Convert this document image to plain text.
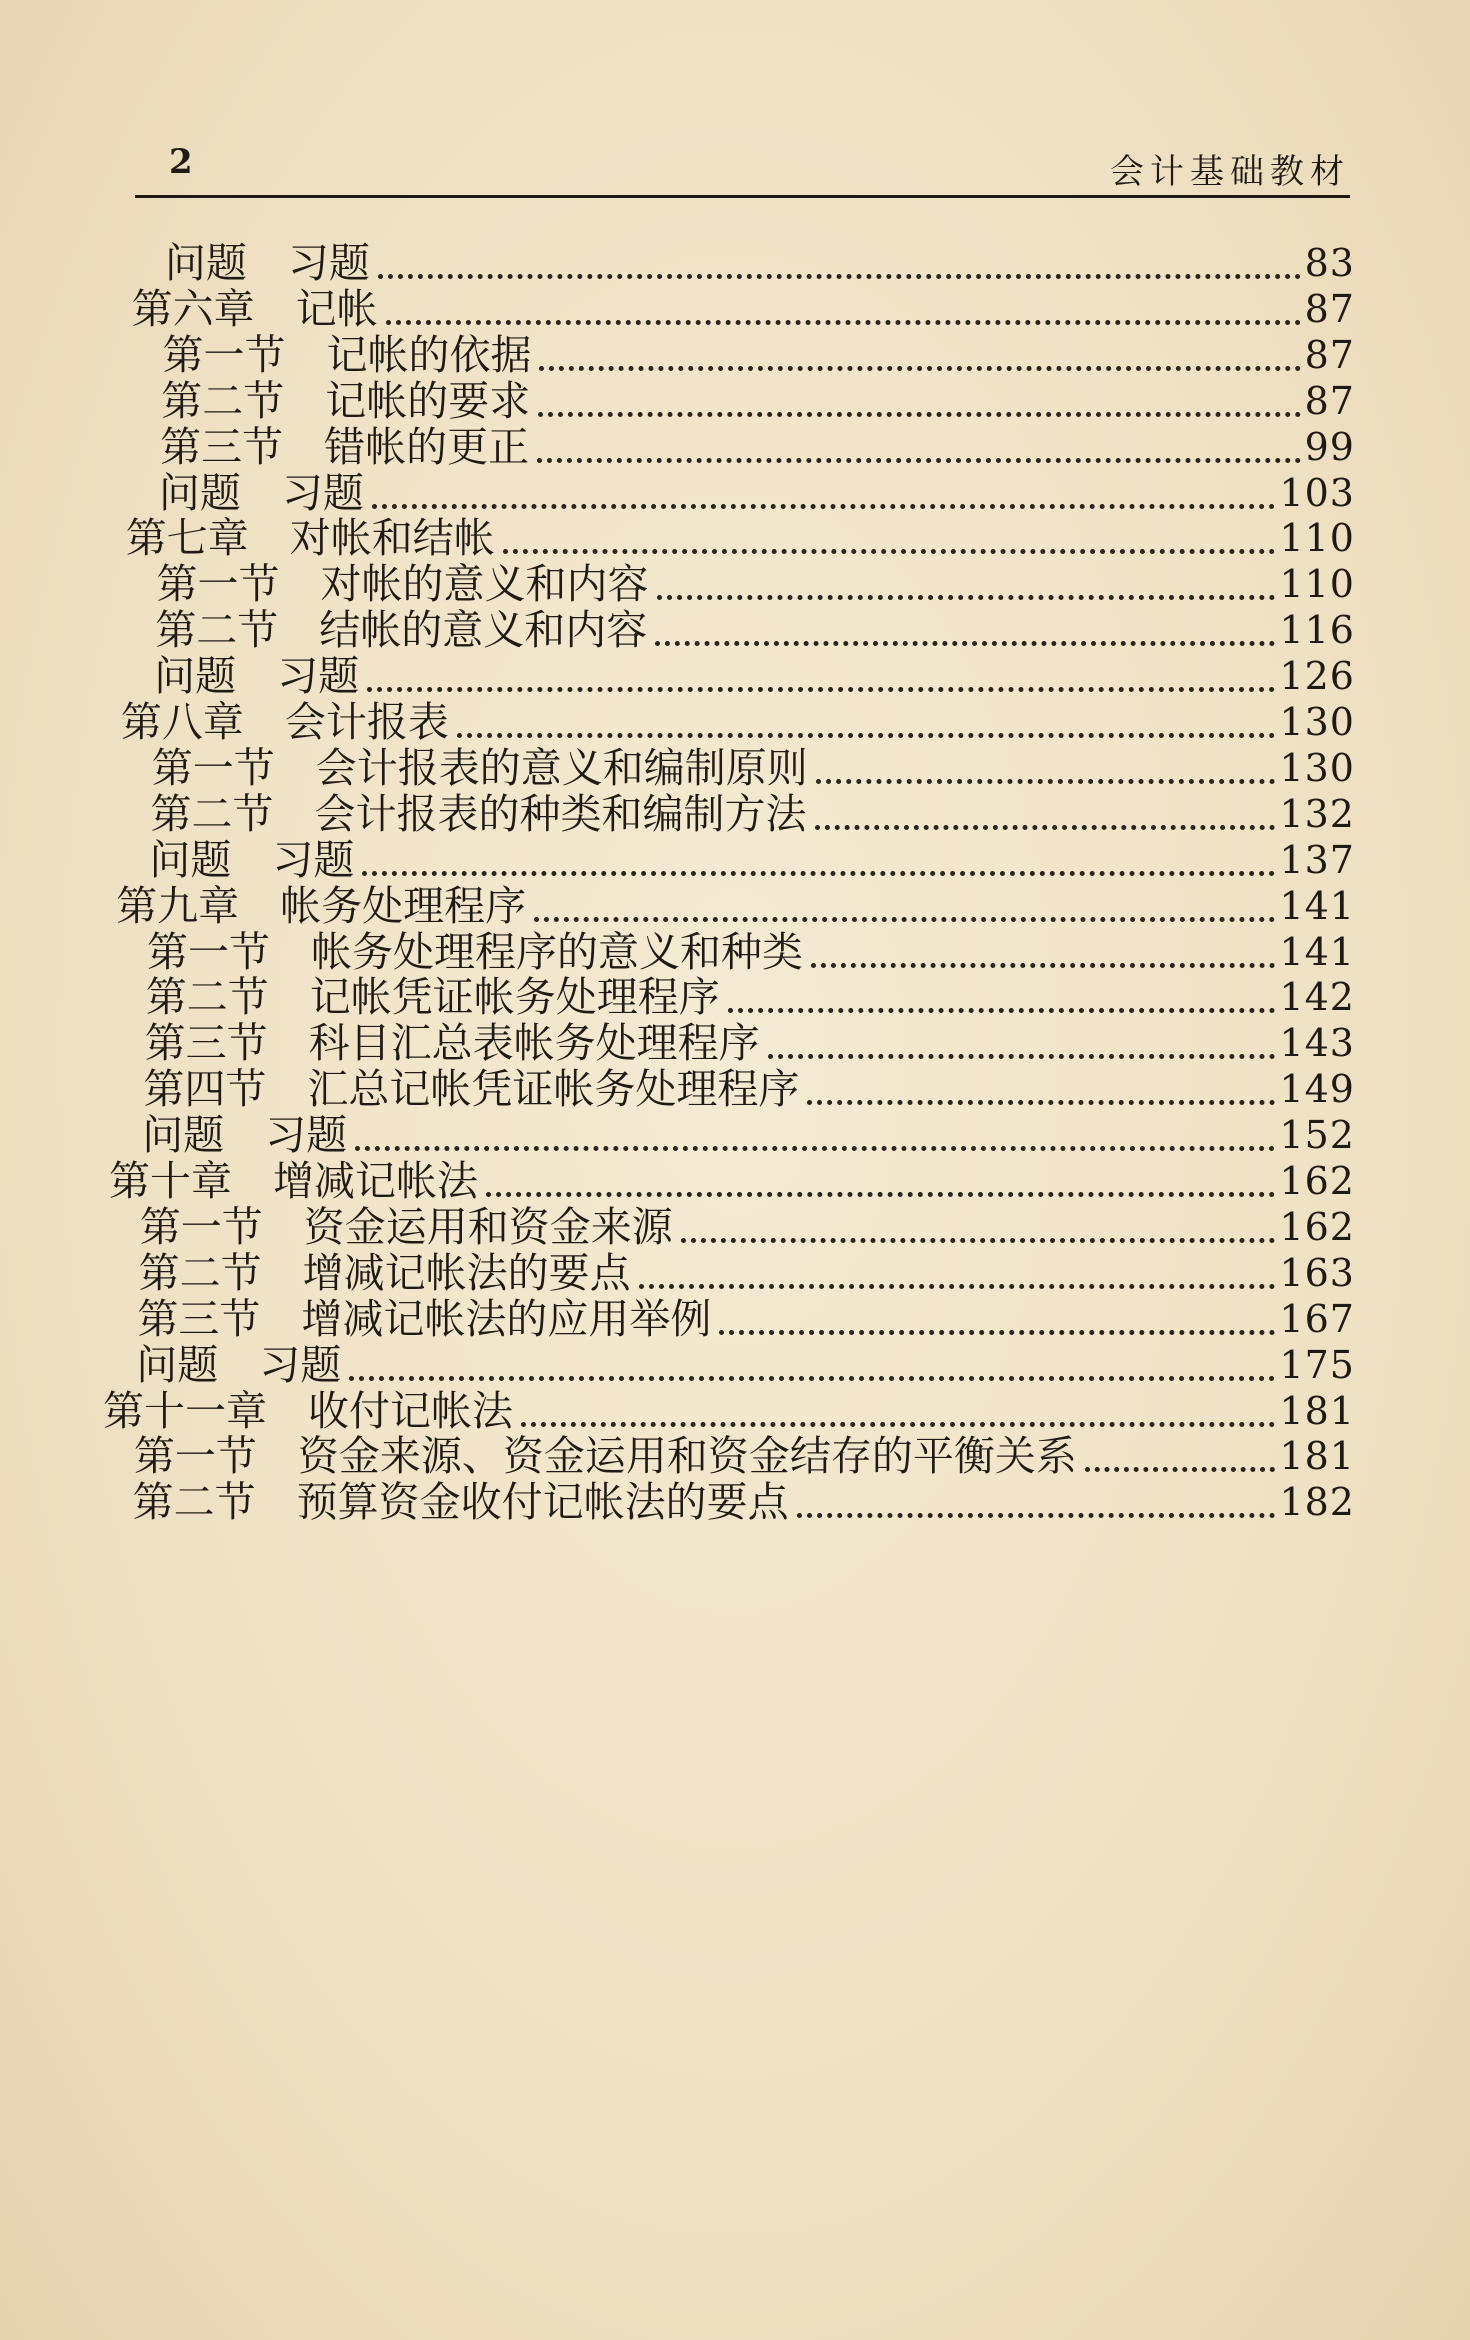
2	会计基础教材
问题　习题	83
第六章　记帐	87
第一节　记帐的依据	87
第二节　记帐的要求	87
第三节　错帐的更正	99
问题　习题	103
第七章　对帐和结帐	110
第一节　对帐的意义和内容	110
第二节　结帐的意义和内容	116
问题　习题	126
第八章　会计报表	130
第一节　会计报表的意义和编制原则	130
第二节　会计报表的种类和编制方法	132
问题　习题	137
第九章　帐务处理程序	141
第一节　帐务处理程序的意义和种类	141
第二节　记帐凭证帐务处理程序	142
第三节　科目汇总表帐务处理程序	143
第四节　汇总记帐凭证帐务处理程序	149
问题　习题	152
第十章　增减记帐法	162
第一节　资金运用和资金来源	162
第二节　增减记帐法的要点	163
第三节　增减记帐法的应用举例	167
问题　习题	175
第十一章　收付记帐法	181
第一节　资金来源、资金运用和资金结存的平衡关系	181
第二节　预算资金收付记帐法的要点	182
